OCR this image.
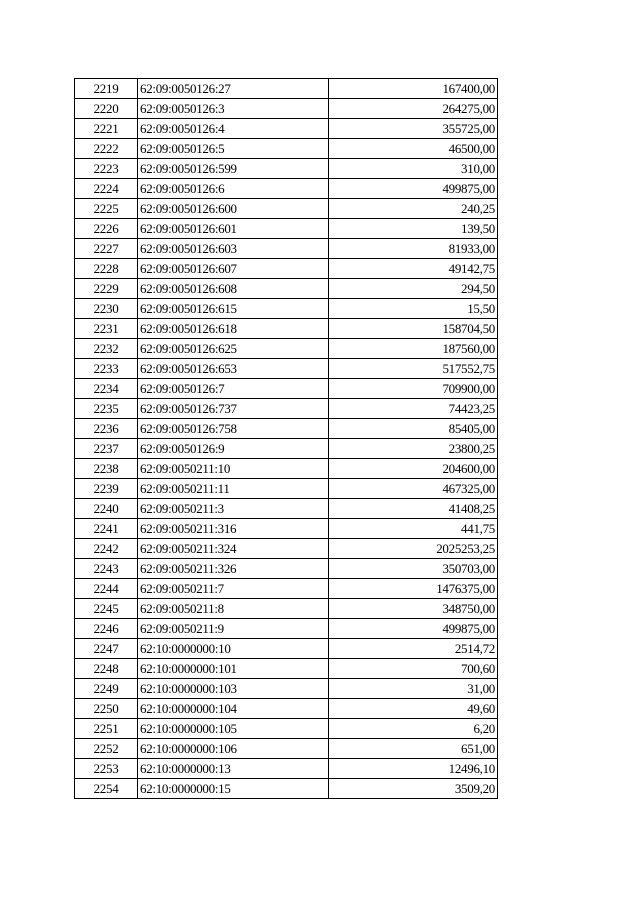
2219	62:09:0050126:27	167400,00
2220	62:09:0050126:3	264275,00
2221	62:09:0050126:4	355725,00
2222	62:09:0050126:5	46500,00
2223	62:09:0050126:599	310,00
2224	62:09:0050126:6	499875,00
2225	62:09:0050126:600	240,25
2226	62:09:0050126:601	139,50
2227	62:09:0050126:603	81933,00
2228	62:09:0050126:607	49142,75
2229	62:09:0050126:608	294,50
2230	62:09:0050126:615	15,50
2231	62:09:0050126:618	158704,50
2232	62:09:0050126:625	187560,00
2233	62:09:0050126:653	517552,75
2234	62:09:0050126:7	709900,00
2235	62:09:0050126:737	74423,25
2236	62:09:0050126:758	85405,00
2237	62:09:0050126:9	23800,25
2238	62:09:0050211:10	204600,00
2239	62:09:0050211:11	467325,00
2240	62:09:0050211:3	41408,25
2241	62:09:0050211:316	441,75
2242	62:09:0050211:324	2025253,25
2243	62:09:0050211:326	350703,00
2244	62:09:0050211:7	1476375,00
2245	62:09:0050211:8	348750,00
2246	62:09:0050211:9	499875,00
2247	62:10:0000000:10	2514,72
2248	62:10:0000000:101	700,60
2249	62:10:0000000:103	31,00
2250	62:10:0000000:104	49,60
2251	62:10:0000000:105	6,20
2252	62:10:0000000:106	651,00
2253	62:10:0000000:13	12496,10
2254	62:10:0000000:15	3509,20
